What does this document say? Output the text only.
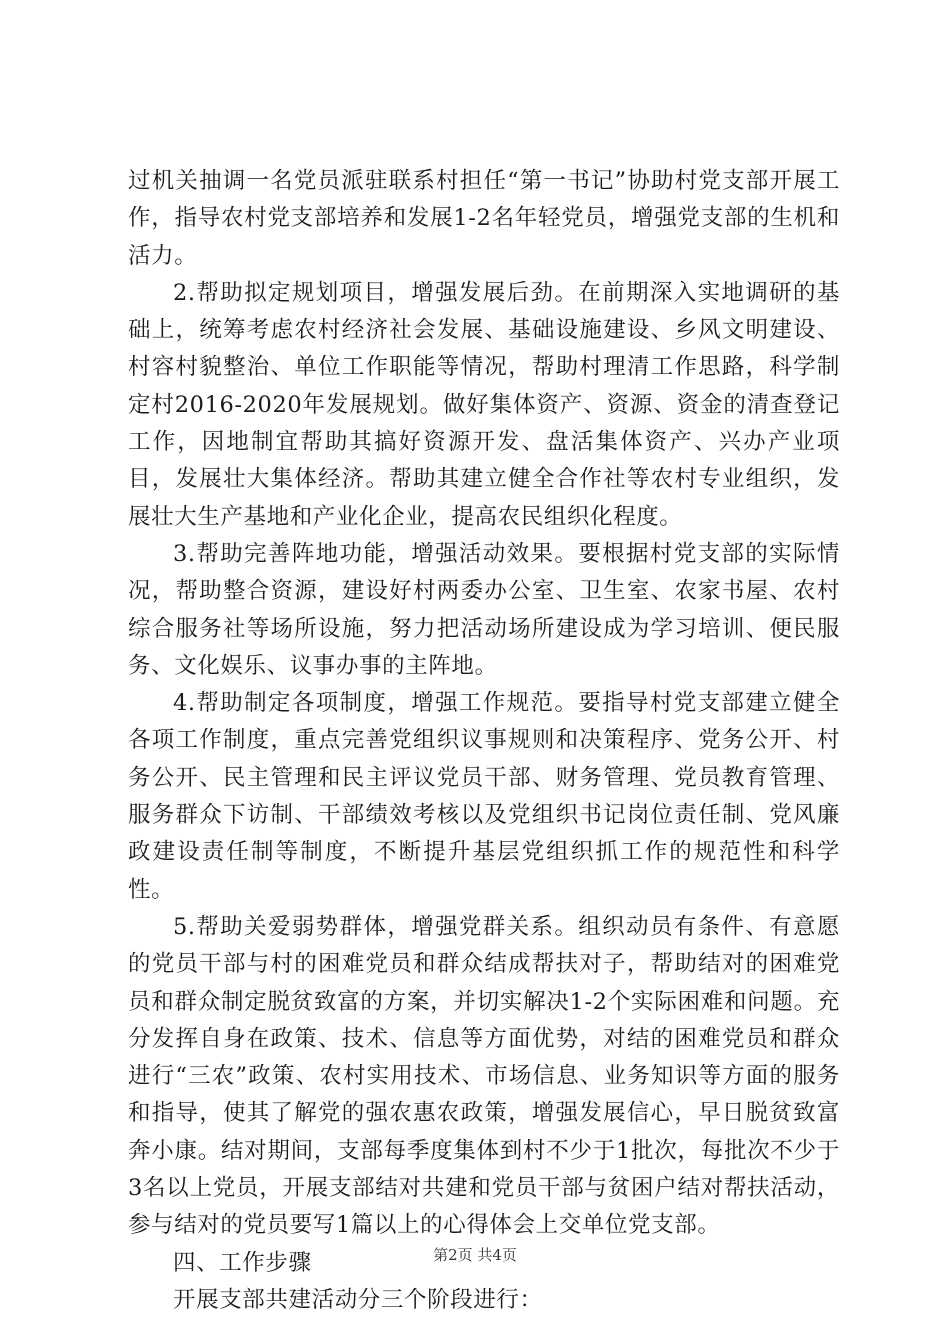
过机关抽调一名党员派驻联系村担任“第一书记”协助村党支部开展工作，指导农村党支部培养和发展1-2名年轻党员，增强党支部的生机和活力。

2.帮助拟定规划项目，增强发展后劲。在前期深入实地调研的基础上，统筹考虑农村经济社会发展、基础设施建设、乡风文明建设、村容村貌整治、单位工作职能等情况，帮助村理清工作思路，科学制定村2016-2020年发展规划。做好集体资产、资源、资金的清查登记工作，因地制宜帮助其搞好资源开发、盘活集体资产、兴办产业项目，发展壮大集体经济。帮助其建立健全合作社等农村专业组织，发展壮大生产基地和产业化企业，提高农民组织化程度。

3.帮助完善阵地功能，增强活动效果。要根据村党支部的实际情况，帮助整合资源，建设好村两委办公室、卫生室、农家书屋、农村综合服务社等场所设施，努力把活动场所建设成为学习培训、便民服务、文化娱乐、议事办事的主阵地。

4.帮助制定各项制度，增强工作规范。要指导村党支部建立健全各项工作制度，重点完善党组织议事规则和决策程序、党务公开、村务公开、民主管理和民主评议党员干部、财务管理、党员教育管理、服务群众下访制、干部绩效考核以及党组织书记岗位责任制、党风廉政建设责任制等制度，不断提升基层党组织抓工作的规范性和科学性。

5.帮助关爱弱势群体，增强党群关系。组织动员有条件、有意愿的党员干部与村的困难党员和群众结成帮扶对子，帮助结对的困难党员和群众制定脱贫致富的方案，并切实解决1-2个实际困难和问题。充分发挥自身在政策、技术、信息等方面优势，对结的困难党员和群众进行“三农”政策、农村实用技术、市场信息、业务知识等方面的服务和指导，使其了解党的强农惠农政策，增强发展信心，早日脱贫致富奔小康。结对期间，支部每季度集体到村不少于1批次，每批次不少于3名以上党员，开展支部结对共建和党员干部与贫困户结对帮扶活动，参与结对的党员要写1篇以上的心得体会上交单位党支部。

四、工作步骤

开展支部共建活动分三个阶段进行：

第2页 共4页
